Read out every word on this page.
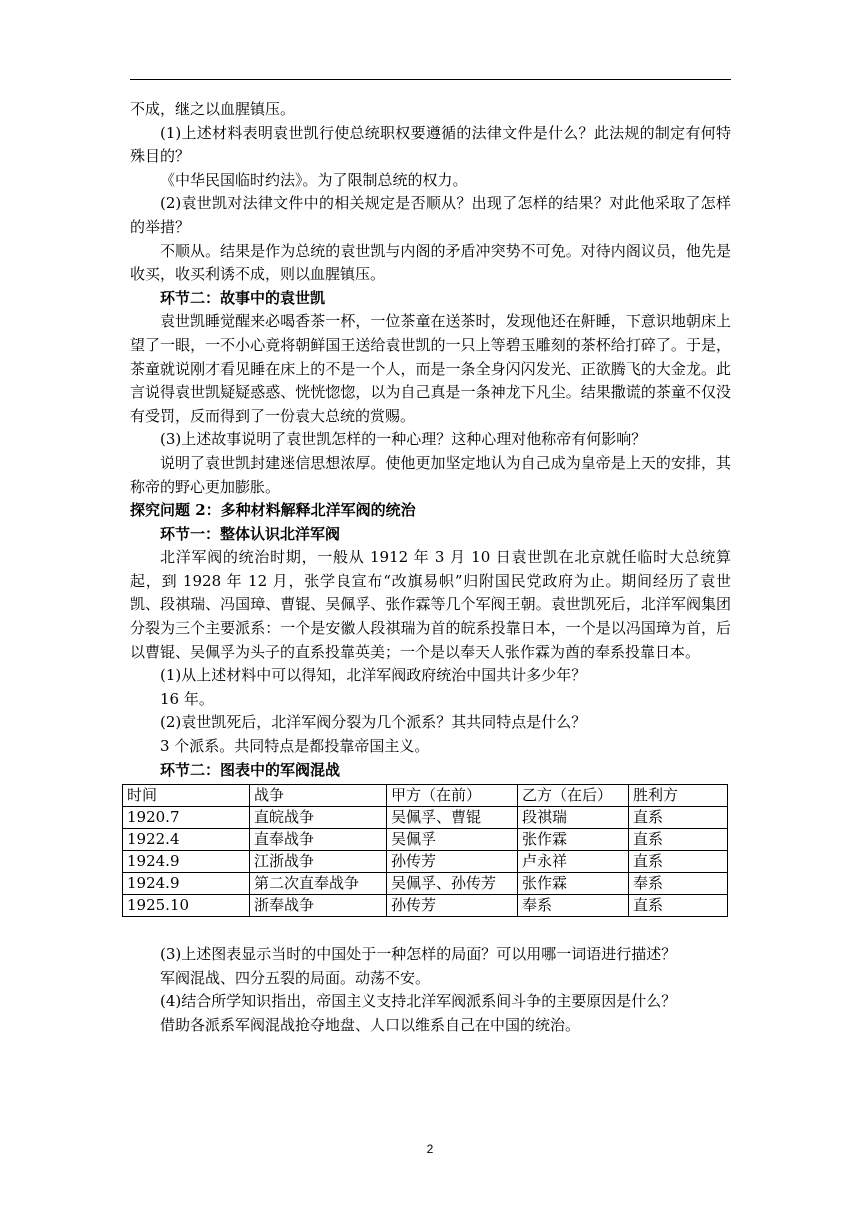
不成，继之以血腥镇压。

(1)上述材料表明袁世凯行使总统职权要遵循的法律文件是什么？此法规的制定有何特殊目的？

《中华民国临时约法》。为了限制总统的权力。

(2)袁世凯对法律文件中的相关规定是否顺从？出现了怎样的结果？对此他采取了怎样的举措？

不顺从。结果是作为总统的袁世凯与内阁的矛盾冲突势不可免。对待内阁议员，他先是收买，收买利诱不成，则以血腥镇压。

环节二：故事中的袁世凯

袁世凯睡觉醒来必喝香茶一杯，一位茶童在送茶时，发现他还在鼾睡，下意识地朝床上望了一眼，一不小心竟将朝鲜国王送给袁世凯的一只上等碧玉雕刻的茶杯给打碎了。于是，茶童就说刚才看见睡在床上的不是一个人，而是一条全身闪闪发光、正欲腾飞的大金龙。此言说得袁世凯疑疑惑惑、恍恍惚惚，以为自己真是一条神龙下凡尘。结果撒谎的茶童不仅没有受罚，反而得到了一份袁大总统的赏赐。

(3)上述故事说明了袁世凯怎样的一种心理？这种心理对他称帝有何影响？

说明了袁世凯封建迷信思想浓厚。使他更加坚定地认为自己成为皇帝是上天的安排，其称帝的野心更加膨胀。

探究问题 2：多种材料解释北洋军阀的统治

环节一：整体认识北洋军阀

北洋军阀的统治时期，一般从 1912 年 3 月 10 日袁世凯在北京就任临时大总统算起，到 1928 年 12 月，张学良宣布“改旗易帜”归附国民党政府为止。期间经历了袁世凯、段祺瑞、冯国璋、曹锟、吴佩孚、张作霖等几个军阀王朝。袁世凯死后，北洋军阀集团分裂为三个主要派系：一个是安徽人段祺瑞为首的皖系投靠日本，一个是以冯国璋为首，后以曹锟、吴佩孚为头子的直系投靠英美；一个是以奉天人张作霖为酋的奉系投靠日本。

(1)从上述材料中可以得知，北洋军阀政府统治中国共计多少年？

16 年。

(2)袁世凯死后，北洋军阀分裂为几个派系？其共同特点是什么？

3 个派系。共同特点是都投靠帝国主义。

环节二：图表中的军阀混战

时间	战争	甲方（在前）	乙方（在后）	胜利方
1920.7	直皖战争	吴佩孚、曹锟	段祺瑞	直系
1922.4	直奉战争	吴佩孚	张作霖	直系
1924.9	江浙战争	孙传芳	卢永祥	直系
1924.9	第二次直奉战争	吴佩孚、孙传芳	张作霖	奉系
1925.10	浙奉战争	孙传芳	奉系	直系

(3)上述图表显示当时的中国处于一种怎样的局面？可以用哪一词语进行描述？

军阀混战、四分五裂的局面。动荡不安。

(4)结合所学知识指出，帝国主义支持北洋军阀派系间斗争的主要原因是什么？

借助各派系军阀混战抢夺地盘、人口以维系自己在中国的统治。

2
